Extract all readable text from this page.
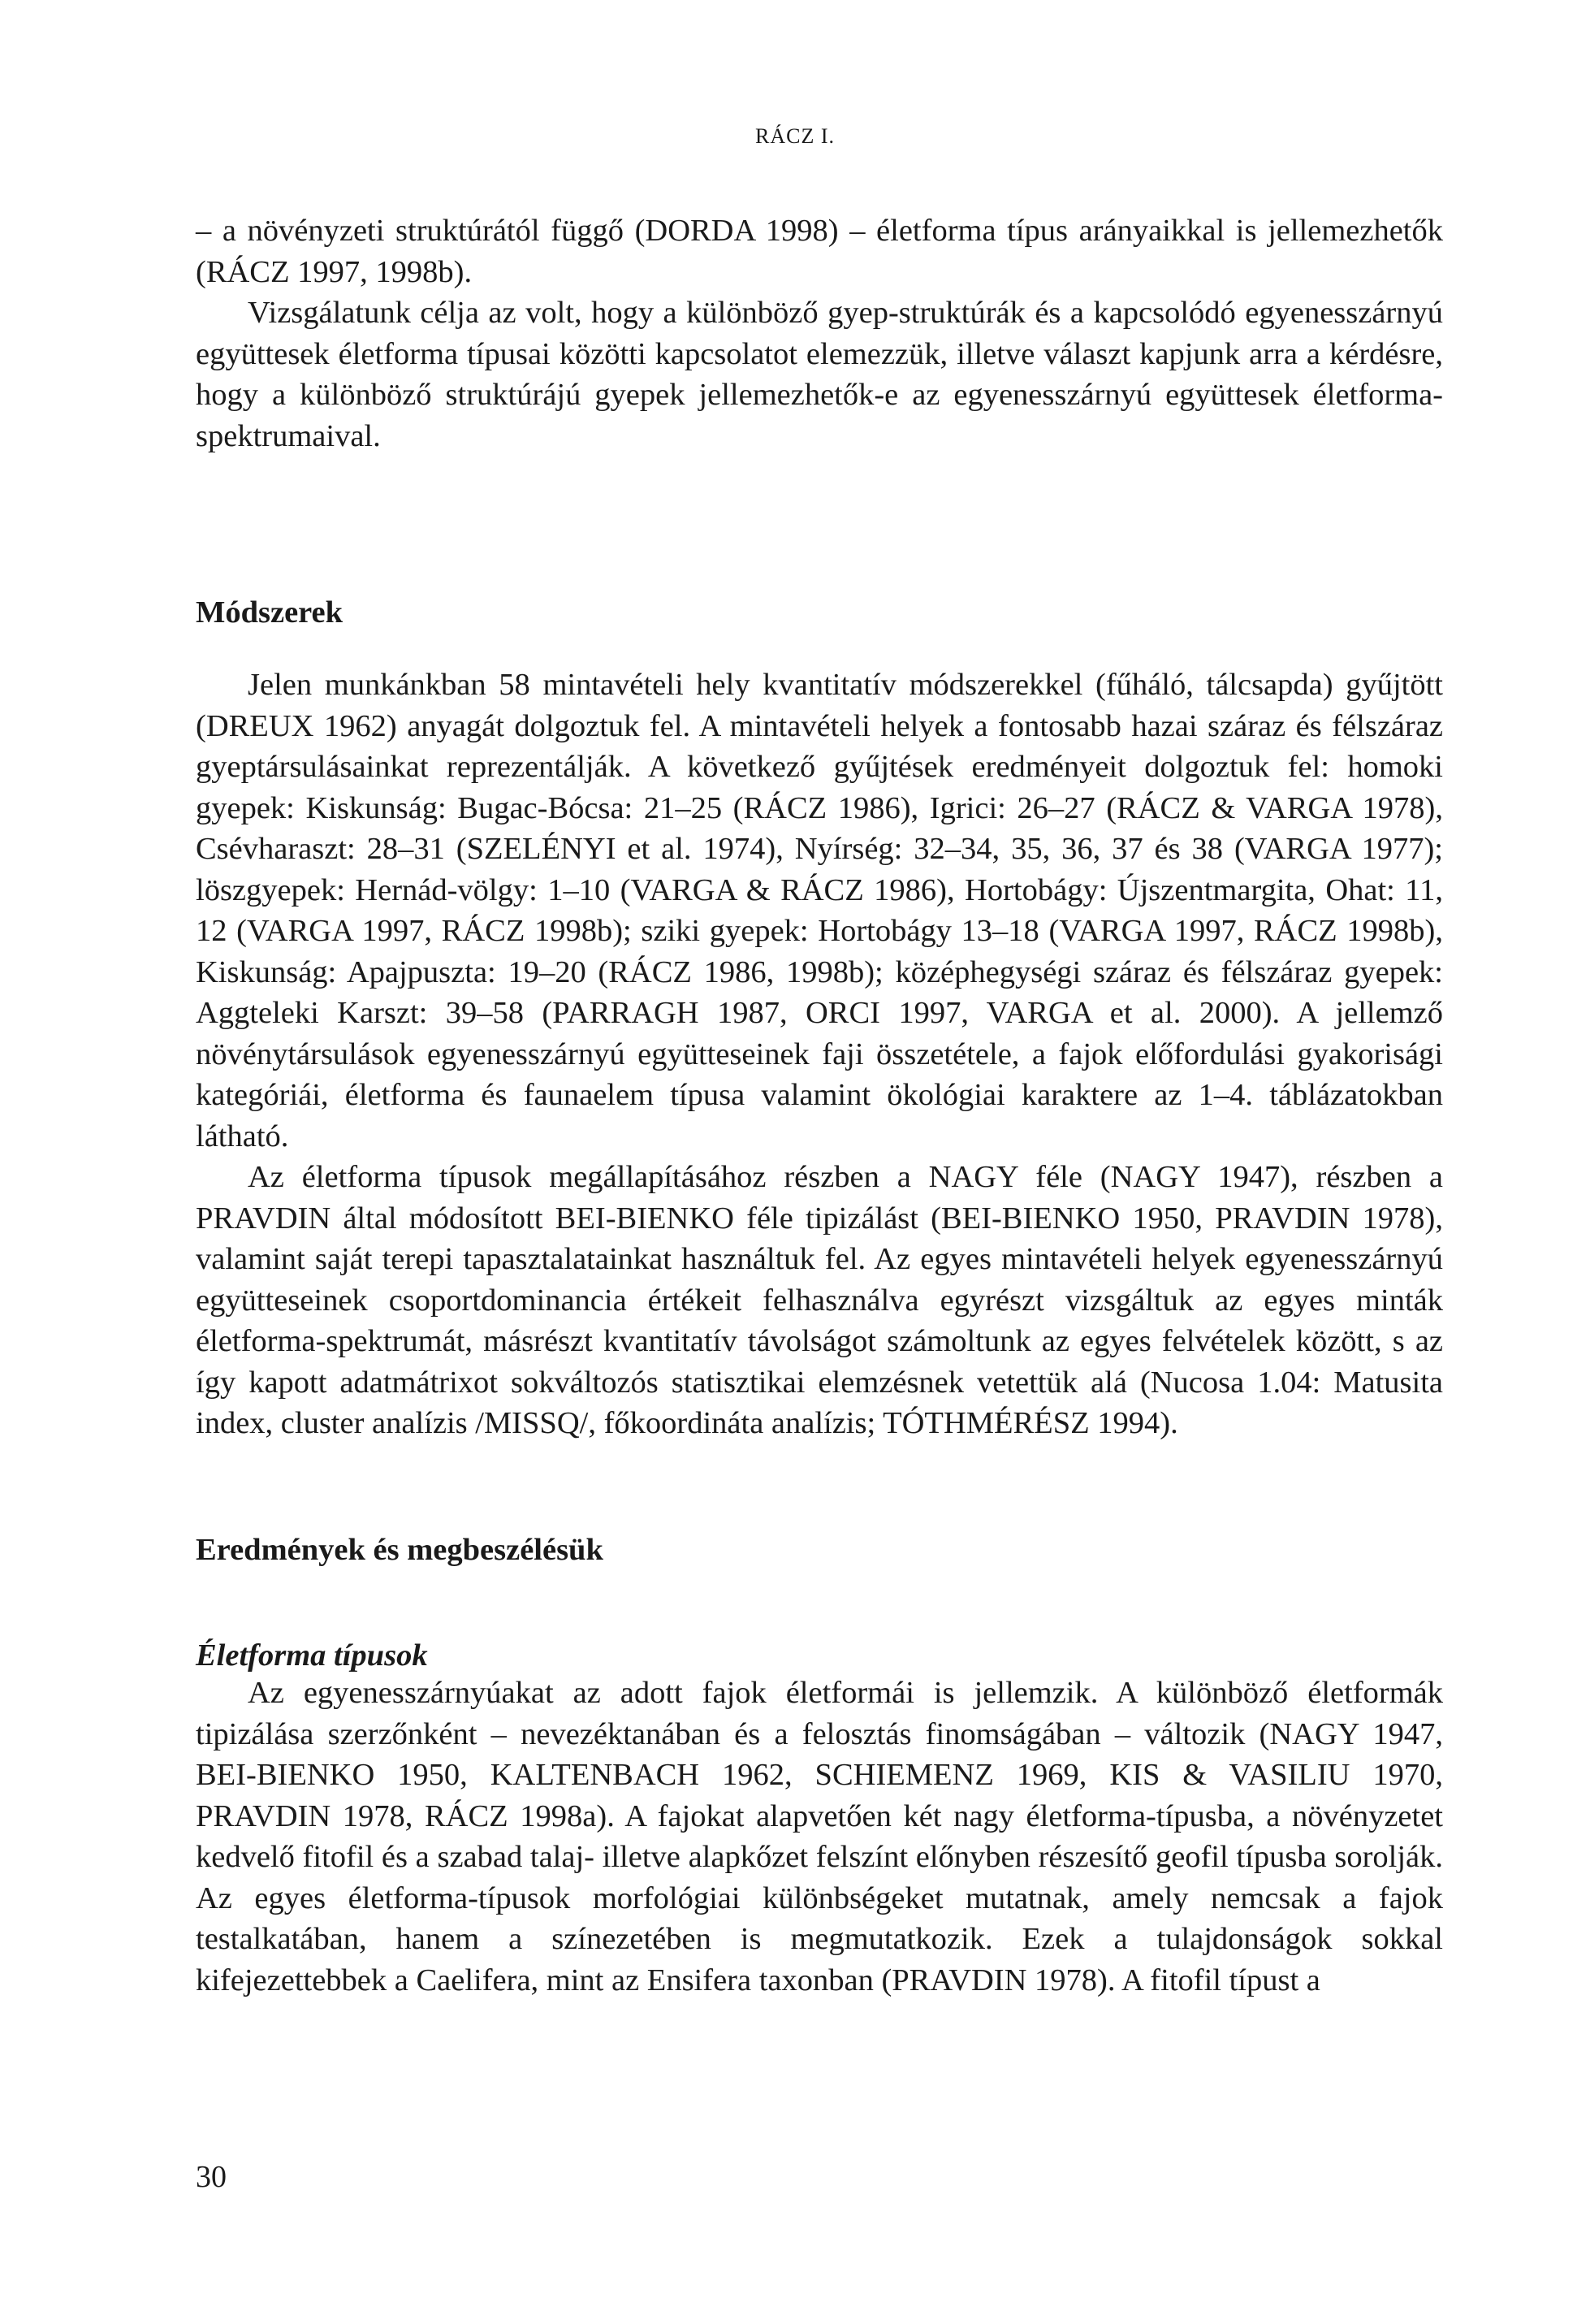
RÁCZ I.

– a növényzeti struktúrától függő (DORDA 1998) – életforma típus arányaikkal is jellemezhetők (RÁCZ 1997, 1998b).

Vizsgálatunk célja az volt, hogy a különböző gyep-struktúrák és a kapcsolódó egyenesszárnyú együttesek életforma típusai közötti kapcsolatot elemezzük, illetve választ kapjunk arra a kérdésre, hogy a különböző struktúrájú gyepek jellemezhetők-e az egyenesszárnyú együttesek életforma-spektrumaival.

Módszerek

Jelen munkánkban 58 mintavételi hely kvantitatív módszerekkel (fűháló, tálcsapda) gyűjtött (DREUX 1962) anyagát dolgoztuk fel. A mintavételi helyek a fontosabb hazai száraz és félszáraz gyeptársulásainkat reprezentálják. A következő gyűjtések eredményeit dolgoztuk fel: homoki gyepek: Kiskunság: Bugac-Bócsa: 21–25 (RÁCZ 1986), Igrici: 26–27 (RÁCZ & VARGA 1978), Csévharaszt: 28–31 (SZELÉNYI et al. 1974), Nyírség: 32–34, 35, 36, 37 és 38 (VARGA 1977); löszgyepek: Hernád-völgy: 1–10 (VARGA & RÁCZ 1986), Hortobágy: Újszentmargita, Ohat: 11, 12 (VARGA 1997, RÁCZ 1998b); sziki gyepek: Hortobágy 13–18 (VARGA 1997, RÁCZ 1998b), Kiskunság: Apajpuszta: 19–20 (RÁCZ 1986, 1998b); középhegységi száraz és félszáraz gyepek: Aggteleki Karszt: 39–58 (PARRAGH 1987, ORCI 1997, VARGA et al. 2000). A jellemző növénytársulások egyenesszárnyú együtteseinek faji összetétele, a fajok előfordulási gyakorisági kategóriái, életforma és faunaelem típusa valamint ökológiai karaktere az 1–4. táblázatokban látható.

Az életforma típusok megállapításához részben a NAGY féle (NAGY 1947), részben a PRAVDIN által módosított BEI-BIENKO féle tipizálást (BEI-BIENKO 1950, PRAVDIN 1978), valamint saját terepi tapasztalatainkat használtuk fel. Az egyes mintavételi helyek egyenesszárnyú együtteseinek csoportdominancia értékeit felhasználva egyrészt vizsgáltuk az egyes minták életforma-spektrumát, másrészt kvantitatív távolságot számoltunk az egyes felvételek között, s az így kapott adatmátrixot sokváltozós statisztikai elemzésnek vetettük alá (Nucosa 1.04: Matusita index, cluster analízis /MISSQ/, főkoordináta analízis; TÓTHMÉRÉSZ 1994).

Eredmények és megbeszélésük
Életforma típusok

Az egyenesszárnyúakat az adott fajok életformái is jellemzik. A különböző életformák tipizálása szerzőnként – nevezéktanában és a felosztás finomságában – változik (NAGY 1947, BEI-BIENKO 1950, KALTENBACH 1962, SCHIEMENZ 1969, KIS & VASILIU 1970, PRAVDIN 1978, RÁCZ 1998a). A fajokat alapvetően két nagy életforma-típusba, a növényzetet kedvelő fitofil és a szabad talaj- illetve alapkőzet felszínt előnyben részesítő geofil típusba sorolják. Az egyes életforma-típusok morfológiai különbségeket mutatnak, amely nemcsak a fajok testalkatában, hanem a színezetében is megmutatkozik. Ezek a tulajdonságok sokkal kifejezettebbek a Caelifera, mint az Ensifera taxonban (PRAVDIN 1978). A fitofil típust a

30
